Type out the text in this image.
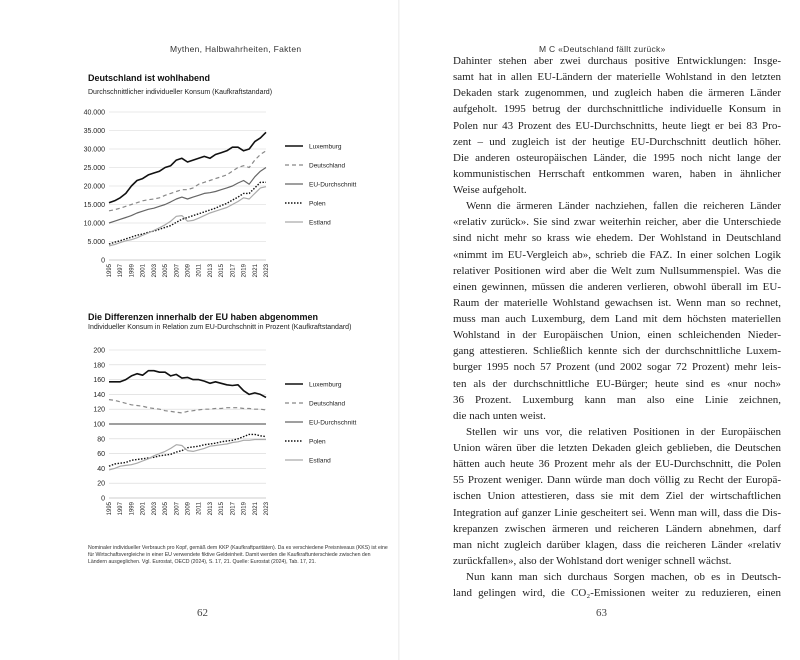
Mythen, Halbwahrheiten, Fakten
Deutschland ist wohlhabend
Durchschnittlicher individueller Konsum (Kaufkraftstandard)
0
5.000
10.000
15.000
20.000
25.000
30.000
35.000
40.000
1995 1997 1999 2001 2003 2005 2007 2009 2011 2013 2015 2017 2019 2021 2023
Luxemburg
Deutschland
EU-Durchschnitt
Polen
Estland
Die Differenzen innerhalb der EU haben abgenommen
Individueller Konsum in Relation zum EU-Durchschnitt in Prozent (Kaufkraftstandard)
0
20
40
60
80
100
120
140
160
180
200
1995 1997 1999 2001 2003 2005 2007 2009 2011 2013 2015 2017 2019 2021 2023
Luxemburg
Deutschland
EU-Durchschnitt
Polen
Estland
Nominaler individueller Verbrauch pro Kopf, gemäß dem KKP (Kaufkraftparitäten). Da es verschiedene Preisniveaus (KKS) ist eine für Wirtschaftsvergleiche in einer EU verwendete fiktive Geldeinheit. Damit werden die Kaufkraftunterschiede zwischen den Ländern ausgeglichen. Vgl. Eurostat, OECD (2024), S. 17, 21. Quelle: Eurostat (2024), Tab. 17, 21.
62
M C «Deutschland fällt zurück»
63
Dahinter stehen aber zwei durchaus positive Entwicklungen: Insge-
samt hat in allen EU-Ländern der materielle Wohlstand in den letzten
Dekaden stark zugenommen, und zugleich haben die ärmeren Länder
aufgeholt. 1995 betrug der durchschnittliche individuelle Konsum in
Polen nur 43 Prozent des EU-Durchschnitts, heute liegt er bei 83 Pro-
zent – und zugleich ist der heutige EU-Durchschnitt deutlich höher.
Die anderen osteuropäischen Länder, die 1995 noch nicht lange der
kommunistischen Herrschaft entkommen waren, haben in ähnlicher
Weise aufgeholt.
Wenn die ärmeren Länder nachziehen, fallen die reicheren Länder
«relativ zurück». Sie sind zwar weiterhin reicher, aber die Unterschiede
sind nicht mehr so krass wie ehedem. Der Wohlstand in Deutschland
«nimmt im EU-Vergleich ab», schrieb die FAZ. In einer solchen Logik
relativer Positionen wird aber die Welt zum Nullsummenspiel. Was die
einen gewinnen, müssen die anderen verlieren, obwohl überall im EU-
Raum der materielle Wohlstand gewachsen ist. Wenn man so rechnet,
muss man auch Luxemburg, dem Land mit dem höchsten materiellen
Wohlstand in der Europäischen Union, einen schleichenden Nieder-
gang attestieren. Schließlich kennte sich der durchschnittliche Luxem-
burger 1995 noch 57 Prozent (und 2002 sogar 72 Prozent) mehr leis-
ten als der durchschnittliche EU-Bürger; heute sind es «nur noch»
36 Prozent. Luxemburg kann man also eine Linie zeichnen,
die nach unten weist.
Stellen wir uns vor, die relativen Positionen in der Europäischen
Union wären über die letzten Dekaden gleich geblieben, die Deutschen
hätten auch heute 36 Prozent mehr als der EU-Durchschnitt, die Polen
55 Prozent weniger. Dann würde man doch völlig zu Recht der Europä-
ischen Union attestieren, dass sie mit dem Ziel der wirtschaftlichen
Integration auf ganzer Linie gescheitert sei. Wenn man will, dass die Dis-
krepanzen zwischen ärmeren und reicheren Ländern abnehmen, darf
man nicht zugleich darüber klagen, dass die reicheren Länder «relativ
zurückfallen», also der Wohlstand dort weniger schnell wächst.
Nun kann man sich durchaus Sorgen machen, ob es in Deutsch-
land gelingen wird, die CO₂-Emissionen weiter zu reduzieren, einen
